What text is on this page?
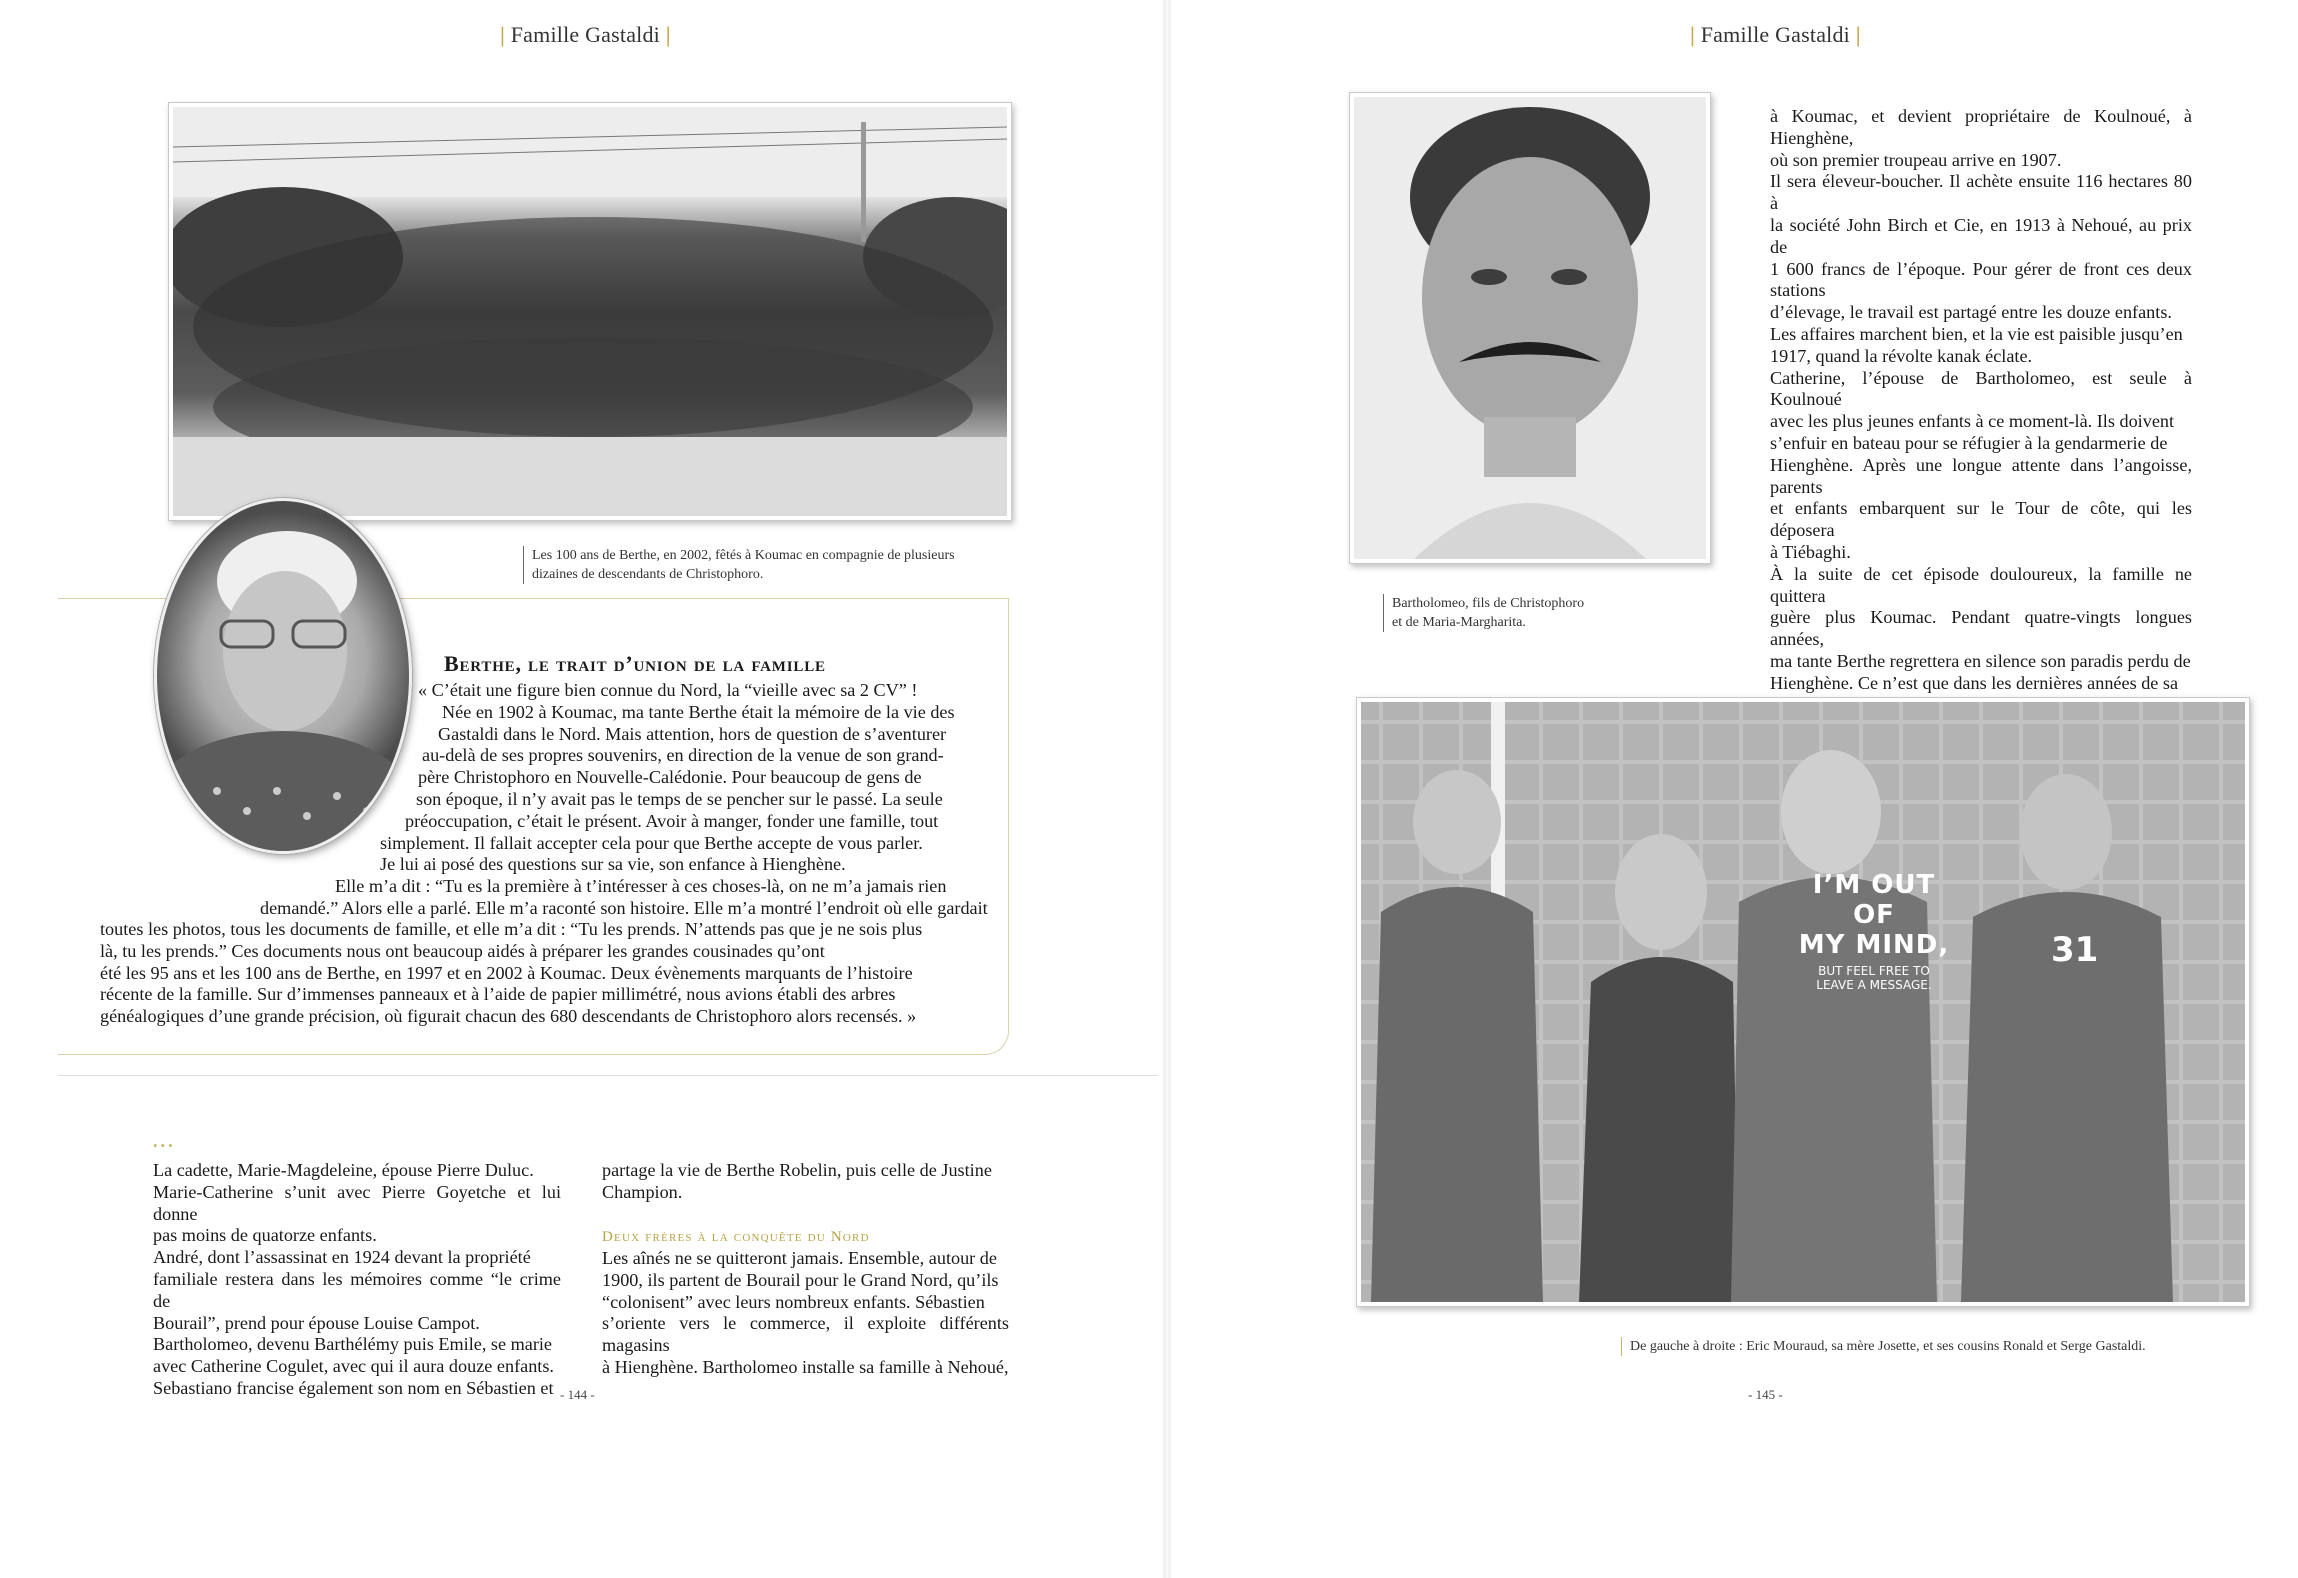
| Famille Gastaldi |
Les 100 ans de Berthe, en 2002, fêtés à Koumac en compagnie de plusieurs dizaines de descendants de Christophoro.
Berthe, le trait d’union de la famille
« C’était une figure bien connue du Nord, la “vieille avec sa 2 CV” !
Née en 1902 à Koumac, ma tante Berthe était la mémoire de la vie des
Gastaldi dans le Nord. Mais attention, hors de question de s’aventurer
au-delà de ses propres souvenirs, en direction de la venue de son grand-
père Christophoro en Nouvelle-Calédonie. Pour beaucoup de gens de
son époque, il n’y avait pas le temps de se pencher sur le passé. La seule
préoccupation, c’était le présent. Avoir à manger, fonder une famille, tout
simplement. Il fallait accepter cela pour que Berthe accepte de vous parler.
Je lui ai posé des questions sur sa vie, son enfance à Hienghène.
Elle m’a dit : “Tu es la première à t’intéresser à ces choses-là, on ne m’a jamais rien
demandé.” Alors elle a parlé. Elle m’a raconté son histoire. Elle m’a montré l’endroit où elle gardait
toutes les photos, tous les documents de famille, et elle m’a dit : “Tu les prends. N’attends pas que je ne sois plus
là, tu les prends.” Ces documents nous ont beaucoup aidés à préparer les grandes cousinades qu’ont
été les 95 ans et les 100 ans de Berthe, en 1997 et en 2002 à Koumac. Deux évènements marquants de l’histoire
récente de la famille. Sur d’immenses panneaux et à l’aide de papier millimétré, nous avions établi des arbres
généalogiques d’une grande précision, où figurait chacun des 680 descendants de Christophoro alors recensés. »
•••
La cadette, Marie-Magdeleine, épouse Pierre Duluc.
Marie-Catherine s’unit avec Pierre Goyetche et lui donne
pas moins de quatorze enfants.
André, dont l’assassinat en 1924 devant la propriété
familiale restera dans les mémoires comme “le crime de
Bourail”, prend pour épouse Louise Campot.
Bartholomeo, devenu Barthélémy puis Emile, se marie
avec Catherine Cogulet, avec qui il aura douze enfants.
Sebastiano francise également son nom en Sébastien et
partage la vie de Berthe Robelin, puis celle de Justine
Champion.
Deux frères à la conquête du Nord
Les aînés ne se quitteront jamais. Ensemble, autour de
1900, ils partent de Bourail pour le Grand Nord, qu’ils
“colonisent” avec leurs nombreux enfants. Sébastien
s’oriente vers le commerce, il exploite différents magasins
à Hienghène. Bartholomeo installe sa famille à Nehoué,
- 144 -
| Famille Gastaldi |
Bartholomeo, fils de Christophoro
et de Maria-Margharita.
à Koumac, et devient propriétaire de Koulnoué, à Hienghène,
où son premier troupeau arrive en 1907.
Il sera éleveur-boucher. Il achète ensuite 116 hectares 80 à
la société John Birch et Cie, en 1913 à Nehoué, au prix de
1 600 francs de l’époque. Pour gérer de front ces deux stations
d’élevage, le travail est partagé entre les douze enfants.
Les affaires marchent bien, et la vie est paisible jusqu’en
1917, quand la révolte kanak éclate.
Catherine, l’épouse de Bartholomeo, est seule à Koulnoué
avec les plus jeunes enfants à ce moment-là. Ils doivent
s’enfuir en bateau pour se réfugier à la gendarmerie de
Hienghène. Après une longue attente dans l’angoisse, parents
et enfants embarquent sur le Tour de côte, qui les déposera
à Tiébaghi.
À la suite de cet épisode douloureux, la famille ne quittera
guère plus Koumac. Pendant quatre-vingts longues années,
ma tante Berthe regrettera en silence son paradis perdu de
Hienghène. Ce n’est que dans les dernières années de sa
I’M OUT OF
MY MIND,
BUT FEEL FREE TO
LEAVE A MESSAGE.
31
De gauche à droite : Eric Mouraud, sa mère Josette, et ses cousins Ronald et Serge Gastaldi.
- 145 -
